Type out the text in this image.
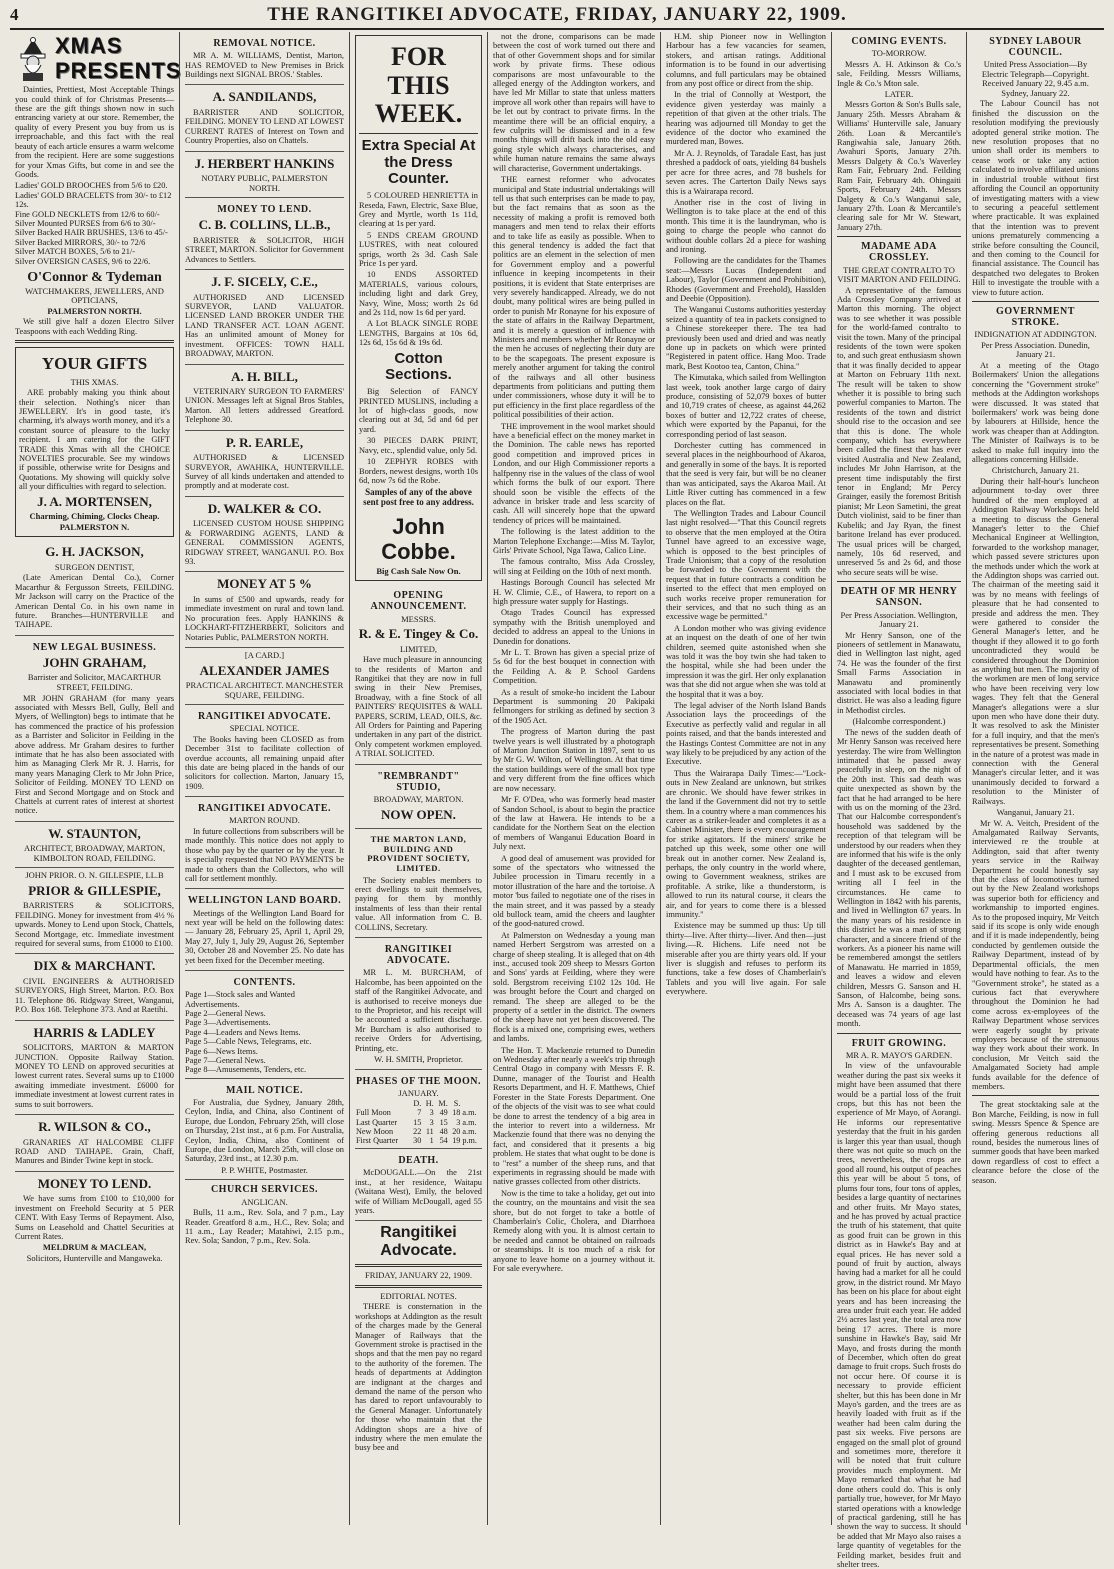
4	THE RANGITIKEI ADVOCATE, FRIDAY, JANUARY 22, 1909.
XMAS PRESENTS

Dainties, Prettiest, Most Acceptable Things you could think of for Christmas Presents—these are the gift things shown now in such entrancing variety at our store. Remember, the quality of every Present you buy from us is irreproachable, and this fact with the real beauty of each article ensures a warm welcome from the recipient. Here are some suggestions for your Xmas Gifts, but come in and see the Goods.

Ladies' GOLD BROOCHES from 5/6 to £20.
Ladies' GOLD BRACELETS from 30/- to £12 12s.
Fine GOLD NECKLETS from 12/6 to 60/-
Silver Mounted PURSES from 6/6 to 30/-
Silver Backed HAIR BRUSHES, 13/6 to 45/-
Silver Backed MIRRORS, 30/- to 72/6
Silver MATCH BOXES, 5/6 to 21/-
Silver OVERSIGN CASES, 9/6 to 22/6.
O'Connor & Tydeman
WATCHMAKERS, JEWELLERS, AND OPTICIANS,
PALMERSTON NORTH.

We still give half a dozen Electro Silver Teaspoons with each Wedding Ring.

YOUR GIFTS
THIS XMAS.

ARE probably making you think about their selection. Nothing's nicer than JEWELLERY. It's in good taste, it's charming, it's always worth money, and it's a constant source of pleasure to the lucky recipient. I am catering for the GIFT TRADE this Xmas with all the CHOICE NOVELTIES procurable. See my windows if possible, otherwise write for Designs and Quotations. My showing will quickly solve all your difficulties with regard to selection.

J. A. MORTENSEN,
Charming, Chiming, Clocks Cheap.
PALMERSTON N.
G. H. JACKSON,
SURGEON DENTIST,

(Late American Dental Co.), Corner Macarthur & Fergusson Streets, FEILDING. Mr Jackson will carry on the Practice of the American Dental Co. in his own name in future. Branches—HUNTERVILLE and TAIHAPE.

NEW LEGAL BUSINESS.
JOHN GRAHAM,
Barrister and Solicitor, MACARTHUR STREET, FEILDING.

MR JOHN GRAHAM (for many years associated with Messrs Bell, Gully, Bell and Myers, of Wellington) begs to intimate that he has commenced the practice of his profession as a Barrister and Solicitor in Feilding in the above address. Mr Graham desires to further intimate that he has also been associated with him as Managing Clerk Mr R. J. Harris, for many years Managing Clerk to Mr John Price, Solicitor of Feilding. MONEY TO LEND on First and Second Mortgage and on Stock and Chattels at current rates of interest at shortest notice.

W. STAUNTON,
ARCHITECT, BROADWAY, MARTON, KIMBOLTON ROAD, FEILDING.
JOHN PRIOR. O. N. GILLESPIE, LL.B
PRIOR & GILLESPIE,

BARRISTERS & SOLICITORS, FEILDING. Money for investment from 4½ % upwards. Money to Lend upon Stock, Chattels, Second Mortgage, etc. Immediate investment required for several sums, from £1000 to £100.

DIX & MARCHANT.

CIVIL ENGINEERS & AUTHORISED SURVEYORS, High Street, Marton. P.O. Box 11. Telephone 86. Ridgway Street, Wanganui, P.O. Box 168. Telephone 373. And at Raetihi.

HARRIS & LADLEY

SOLICITORS, MARTON & MARTON JUNCTION. Opposite Railway Station. MONEY TO LEND on approved securities at lowest current rates. Several sums up to £1000 awaiting immediate investment. £6000 for immediate investment at lowest current rates in sums to suit borrowers.

R. WILSON & CO.,

GRANARIES AT HALCOMBE CLIFF ROAD AND TAIHAPE. Grain, Chaff, Manures and Binder Twine kept in stock.

MONEY TO LEND.

We have sums from £100 to £10,000 for investment on Freehold Security at 5 PER CENT. With Easy Terms of Repayment. Also, Sums on Leasehold and Chattel Securities at Current Rates.

MELDRUM & MACLEAN,
Solicitors, Hunterville and Mangaweka.
REMOVAL NOTICE.

MR A. M. WILLIAMS, Dentist, Marton, HAS REMOVED to New Premises in Brick Buildings next SIGNAL BROS.' Stables.

A. SANDILANDS,

BARRISTER AND SOLICITOR, FEILDING. MONEY TO LEND AT LOWEST CURRENT RATES of Interest on Town and Country Properties, also on Chattels.

J. HERBERT HANKINS
NOTARY PUBLIC, PALMERSTON NORTH.
MONEY TO LEND.
C. B. COLLINS, LL.B.,

BARRISTER & SOLICITOR, HIGH STREET, MARTON. Solicitor for Government Advances to Settlers.

J. F. SICELY, C.E.,

AUTHORISED AND LICENSED SURVEYOR, LAND VALUATOR. LICENSED LAND BROKER UNDER THE LAND TRANSFER ACT. LOAN AGENT. Has an unlimited amount of Money for investment. OFFICES: TOWN HALL BROADWAY, MARTON.

A. H. BILL,

VETERINARY SURGEON TO FARMERS' UNION. Messages left at Signal Bros Stables, Marton. All letters addressed Greatford. Telephone 30.

P. R. EARLE,

AUTHORISED & LICENSED SURVEYOR, AWAHIKA, HUNTERVILLE. Survey of all kinds undertaken and attended to promptly and at moderate cost.

D. WALKER & CO.

LICENSED CUSTOM HOUSE SHIPPING & FORWARDING AGENTS, LAND & GENERAL COMMISSION AGENTS, RIDGWAY STREET, WANGANUI. P.O. Box 93.

MONEY AT 5 %

In sums of £500 and upwards, ready for immediate investment on rural and town land. No procuration fees. Apply HANKINS & LOCKHART-FITZHERBERT, Solicitors and Notaries Public, PALMERSTON NORTH.

[A CARD.]
ALEXANDER JAMES
PRACTICAL ARCHITECT. MANCHESTER SQUARE, FEILDING.
RANGITIKEI ADVOCATE.
SPECIAL NOTICE.

The Books having been CLOSED as from December 31st to facilitate collection of overdue accounts, all remaining unpaid after this date are being placed in the hands of our solicitors for collection. Marton, January 15, 1909.

RANGITIKEI ADVOCATE.
MARTON ROUND.

In future collections from subscribers will be made monthly. This notice does not apply to those who pay by the quarter or by the year. It is specially requested that NO PAYMENTS be made to others than the Collectors, who will call for settlement monthly.

WELLINGTON LAND BOARD.

Meetings of the Wellington Land Board for next year will be held on the following dates:— January 28, February 25, April 1, April 29, May 27, July 1, July 29, August 26, September 30, October 28 and November 25. No date has yet been fixed for the December meeting.

CONTENTS.
Page 1—Stock sales and Wanted Advertisements.
Page 2—General News.
Page 3—Advertisements.
Page 4—Leaders and News Items.
Page 5—Cable News, Telegrams, etc.
Page 6—News Items.
Page 7—General News.
Page 8—Amusements, Tenders, etc.
MAIL NOTICE.

For Australia, due Sydney, January 28th, Ceylon, India, and China, also Continent of Europe, due London, February 25th, will close on Thursday, 21st inst., at 6 p.m. For Australia, Ceylon, India, China, also Continent of Europe, due London, March 25th, will close on Saturday, 23rd inst., at 12.30 p.m.

P. P. WHITE, Postmaster.
CHURCH SERVICES.
ANGLICAN.

Bulls, 11 a.m., Rev. Sola, and 7 p.m., Lay Reader. Greatford 8 a.m., H.C., Rev. Sola; and 11 a.m., Lay Reader; Matahiwi, 2.15 p.m., Rev. Sola; Sandon, 7 p.m., Rev. Sola.

FOR THIS WEEK.
Extra Special At the Dress Counter.

5 COLOURED HENRIETTA in Reseda, Fawn, Electric, Saxe Blue, Grey and Myrtle, worth 1s 11d, clearing at 1s per yard.

5 ENDS CREAM GROUND LUSTRES, with neat coloured sprigs, worth 2s 3d. Cash Sale Price 1s per yard.

10 ENDS ASSORTED MATERIALS, various colours, including light and dark Grey, Navy, Wine, Moss; worth 2s 6d and 2s 11d, now 1s 6d per yard.

A Lot BLACK SINGLE ROBE LENGTHS, Bargains at 10s 6d, 12s 6d, 15s 6d & 19s 6d.

Cotton Sections.

Big Selection of FANCY PRINTED MUSLINS, including a lot of high-class goods, now clearing out at 3d, 5d and 6d per yard.

30 PIECES DARK PRINT, Navy, etc., splendid value, only 5d.

10 ZEPHYR ROBES with Borders, newest designs, worth 10s 6d, now 7s 6d the Robe.

Samples of any of the above sent post free to any address.
John Cobbe.
Big Cash Sale Now On.
OPENING ANNOUNCEMENT.
MESSRS.
R. & E. Tingey & Co.
LIMITED,

Have much pleasure in announcing to the residents of Marton and Rangitikei that they are now in full swing in their New Premises, Broadway, with a fine Stock of all PAINTERS' REQUISITES & WALL PAPERS, SCRIM, LEAD, OILS, &c. All Orders for Painting and Papering undertaken in any part of the district. Only competent workmen employed. A TRIAL SOLICITED.

"REMBRANDT" STUDIO,
BROADWAY, MARTON.
NOW OPEN.
THE MARTON LAND, BUILDING AND PROVIDENT SOCIETY, LIMITED.

The Society enables members to erect dwellings to suit themselves, paying for them by monthly instalments of less than their rental value. All information from C. B. COLLINS, Secretary.

RANGITIKEI ADVOCATE.

MR L. M. BURCHAM, of Halcombe, has been appointed on the staff of the Rangitikei Advocate, and is authorised to receive moneys due to the Proprietor, and his receipt will be accounted a sufficient discharge. Mr Burcham is also authorised to receive Orders for Advertising, Printing, etc.

W. H. SMITH, Proprietor.
PHASES OF THE MOON.
JANUARY.
	D.	H.	M.	S.	
Full Moon	7	3	49	18	a.m.
Last Quarter	15	3	15	3	a.m.
New Moon	22	11	48	20	a.m.
First Quarter	30	1	54	19	p.m.
DEATH.

McDOUGALL.—On the 21st inst., at her residence, Waitapu (Waitana West), Emily, the beloved wife of William McDougall, aged 55 years.

Rangitikei Advocate.
FRIDAY, JANUARY 22, 1909.
EDITORIAL NOTES.

THERE is consternation in the workshops at Addington as the result of the charges made by the General Manager of Railways that the Government stroke is practised in the shops and that the men pay no regard to the authority of the foremen. The heads of departments at Addington are indignant at the charges and demand the name of the person who has dared to report unfavourably to the General Manager. Unfortunately for those who maintain that the Addington shops are a hive of industry where the men emulate the busy bee and

not the drone, comparisons can be made between the cost of work turned out there and that of other Government shops and for similar work by private firms. These odious comparisons are most unfavourable to the alleged energy of the Addington workers, and have led Mr Millar to state that unless matters improve all work other than repairs will have to be let out by contract to private firms. In the meantime there will be an official enquiry, a few culprits will be dismissed and in a few months things will drift back into the old easy going style which always characterises, and while human nature remains the same always will characterise, Government undertakings.

THE earnest reformer who advocates municipal and State industrial undertakings will tell us that such enterprises can be made to pay, but the fact remains that as soon as the necessity of making a profit is removed both managers and men tend to relax their efforts and to take life as easily as possible. When to this general tendency is added the fact that politics are an element in the selection of men for Government employ and a powerful influence in keeping incompetents in their positions, it is evident that State enterprises are very severely handicapped. Already, we do not doubt, many political wires are being pulled in order to punish Mr Ronayne for his exposure of the state of affairs in the Railway Department, and it is merely a question of influence with Ministers and members whether Mr Ronayne or the men he accuses of neglecting their duty are to be the scapegoats. The present exposure is merely another argument for taking the control of the railways and all other business departments from politicians and putting them under commissioners, whose duty it will be to put efficiency in the first place regardless of the political possibilities of their action.

THE improvement in the wool market should have a beneficial effect on the money market in the Dominion. The cable news has reported good competition and improved prices in London, and our High Commissioner reports a halfpenny rise in the values of the class of wool which forms the bulk of our export. There should soon be visible the effects of the advance in brisker trade and less scarcity of cash. All will sincerely hope that the upward tendency of prices will be maintained.

The following is the latest addition to the Marton Telephone Exchange:—Miss M. Taylor, Girls' Private School, Nga Tawa, Calico Line.

The famous contralto, Miss Ada Crossley, will sing at Feilding on the 10th of next month.

Hastings Borough Council has selected Mr H. W. Climie, C.E., of Hawera, to report on a high pressure water supply for Hastings.

Otago Trades Council has expressed sympathy with the British unemployed and decided to address an appeal to the Unions in Dunedin for donations.

Mr L. T. Brown has given a special prize of 5s 6d for the best bouquet in connection with the Feilding A. & P. School Gardens Competition.

As a result of smoke-ho incident the Labour Department is summoning 20 Pakipaki fellmongers for striking as defined by section 3 of the 1905 Act.

The progress of Marton during the past twelve years is well illustrated by a photograph of Marton Junction Station in 1897, sent to us by Mr G. W. Wilton, of Wellington. At that time the station buildings were of the small box type and very different from the fine offices which are now necessary.

Mr F. O'Dea, who was formerly head master of Sandon School, is about to begin the practice of the law at Hawera. He intends to be a candidate for the Northern Seat on the election of members of Wanganui Education Board in July next.

A good deal of amusement was provided for some of the spectators who witnessed the Jubilee procession in Timaru recently in a motor illustration of the hare and the tortoise. A motor 'bus failed to negotiate one of the rises in the main street, and it was passed by a steady old bullock team, amid the cheers and laughter of the good-natured crowd.

At Palmerston on Wednesday a young man named Herbert Sergstrom was arrested on a charge of sheep stealing. It is alleged that on 4th inst., accused took 209 sheep to Messrs Gorton and Sons' yards at Feilding, where they were sold. Bergstrom receiving £102 12s 10d. He was brought before the Court and charged on remand. The sheep are alleged to be the property of a settler in the district. The owners of the sheep have not yet been discovered. The flock is a mixed one, comprising ewes, wethers and lambs.

The Hon. T. Mackenzie returned to Dunedin on Wednesday after nearly a week's trip through Central Otago in company with Messrs F. R. Dunne, manager of the Tourist and Health Resorts Department, and H. F. Matthews, Chief Forester in the State Forests Department. One of the objects of the visit was to see what could be done to arrest the tendency of a big area in the interior to revert into a wilderness. Mr Mackenzie found that there was no denying the fact, and considered that it presents a big problem. He states that what ought to be done is to "rest" a number of the sheep runs, and that experiments in regrassing should be made with native grasses collected from other districts.

Now is the time to take a holiday, get out into the country, on the mountains and visit the sea shore, but do not forget to take a bottle of Chamberlain's Colic, Cholera, and Diarrhoea Remedy along with you. It is almost certain to be needed and cannot be obtained on railroads or steamships. It is too much of a risk for anyone to leave home on a journey without it. For sale everywhere.

H.M. ship Pioneer now in Wellington Harbour has a few vacancies for seamen, stokers, and artisan ratings. Additional information is to be found in our advertising columns, and full particulars may be obtained from any post office or direct from the ship.

In the trial of Connolly at Westport, the evidence given yesterday was mainly a repetition of that given at the other trials. The hearing was adjourned till Monday to get the evidence of the doctor who examined the murdered man, Bowes.

Mr A. J. Reynolds, of Taradale East, has just threshed a paddock of oats, yielding 84 bushels per acre for three acres, and 78 bushels for seven acres. The Carterton Daily News says this is a Wairarapa record.

Another rise in the cost of living in Wellington is to take place at the end of this month. This time it is the laundryman, who is going to charge the people who cannot do without double collars 2d a piece for washing and ironing.

Following are the candidates for the Thames seat:—Messrs Lucas (Independent and Labour), Taylor (Government and Prohibition), Rhodes (Government and Freehold), Hasslden and Deebie (Opposition).

The Wanganui Customs authorities yesterday seized a quantity of tea in packets consigned to a Chinese storekeeper there. The tea had previously been used and dried and was neatly done up in packets on which were printed "Registered in patent office. Hang Moo. Trade mark, Best Kootoo tea, Canton, China."

The Kimutaka, which sailed from Wellington last week, took another large cargo of dairy produce, consisting of 52,079 boxes of butter and 10,719 crates of cheese, as against 44,262 boxes of butter and 12,722 crates of cheese, which were exported by the Papanui, for the corresponding period of last season.

Dorchester cutting has commenced in several places in the neighbourhood of Akaroa, and generally in some of the bays. It is reported that the seed is very fair, but will be no cleaner than was anticipated, says the Akaroa Mail. At Little River cutting has commenced in a few places on the flat.

The Wellington Trades and Labour Council last night resolved—"That this Council regrets to observe that the men employed at the Otira Tunnel have agreed to an excessive wage, which is opposed to the best principles of Trade Unionism; that a copy of the resolution be forwarded to the Government with the request that in future contracts a condition be inserted to the effect that men employed on such works receive proper remuneration for their services, and that no such thing as an excessive wage be permitted."

A London mother who was giving evidence at an inquest on the death of one of her twin children, seemed quite astonished when she was told it was the boy twin she had taken to the hospital, while she had been under the impression it was the girl. Her only explanation was that she did not argue when she was told at the hospital that it was a boy.

The legal adviser of the North Island Bands Association lays the proceedings of the Executive as perfectly valid and regular in all points raised, and that the bands interested and the Hastings Contest Committee are not in any way likely to be prejudiced by any action of the Executive.

Thus the Wairarapa Daily Times:—"Lock-outs in New Zealand are unknown, but strikes are chronic. We should have fewer strikes in the land if the Government did not try to settle them. In a country where a man commences his career as a striker-leader and completes it as a Cabinet Minister, there is every encouragement for strike agitators. If the miners' strike be patched up this week, some other one will break out in another corner. New Zealand is, perhaps, the only country in the world where, owing to Government weakness, strikes are profitable. A strike, like a thunderstorm, is allowed to run its natural course, it clears the air, and for years to come there is a blessed immunity."

Existence may be summed up thus: Up till thirty—live. After thirty—liver. And then—just living.—R. Hichens. Life need not be miserable after you are thirty years old. If your liver is sluggish and refuses to perform its functions, take a few doses of Chamberlain's Tablets and you will live again. For sale everywhere.

COMING EVENTS.
TO-MORROW.

Messrs A. H. Atkinson & Co.'s sale, Feilding. Messrs Williams, Ingle & Co.'s Mton sale.

LATER.

Messrs Gorton & Son's Bulls sale, January 25th. Messrs Abraham & Williams' Hunterville sale, January 26th. Loan & Mercantile's Rangiwahia sale, January 26th. Awahuri Sports, January 27th. Messrs Dalgety & Co.'s Waverley Ram Fair, February 2nd. Feilding Ram Fair, February 4th. Ohingaiti Sports, February 24th. Messrs Dalgety & Co.'s Wanganui sale, January 27th. Loan & Mercantile's clearing sale for Mr W. Stewart, January 27th.

MADAME ADA CROSSLEY.
THE GREAT CONTRALTO TO VISIT MARTON AND FEILDING.

A representative of the famous Ada Crossley Company arrived at Marton this morning. The object was to see whether it was possible for the world-famed contralto to visit the town. Many of the principal residents of the town were spoken to, and such great enthusiasm shown that it was finally decided to appear at Marton on February 11th next. The result will be taken to show whether it is possible to bring such powerful companies to Marton. The residents of the town and district should rise to the occasion and see that this is done. The whole company, which has everywhere been called the finest that has ever visited Australia and New Zealand, includes Mr John Harrison, at the present time indisputably the first tenor in England; Mr Percy Grainger, easily the foremost British pianist; Mr Leon Sametini, the great Dutch violinist, said to be finer than Kubelik; and Jay Ryan, the finest baritone Ireland has ever produced. The usual prices will be charged, namely, 10s 6d reserved, and unreserved 5s and 2s 6d, and those who secure seats will be wise.

DEATH OF MR HENRY SANSON.
Per Press Association. Wellington, January 21.

Mr Henry Sanson, one of the pioneers of settlement in Manawatu, died in Wellington last night, aged 74. He was the founder of the first Small Farms Association in Manawatu and prominently associated with local bodies in that district. He was also a leading figure in Methodist circles.

(Halcombe correspondent.)

The news of the sudden death of Mr Henry Sanson was received here yesterday. The wire from Wellington intimated that he passed away peacefully in sleep, on the night of the 20th inst. This sad death was quite unexpected as shown by the fact that he had arranged to be here with us on the morning of the 23rd. That our Halcombe correspondent's household was saddened by the reception of that telegram will be understood by our readers when they are informed that his wife is the only daughter of the deceased gentleman, and I must ask to be excused from writing all I feel in the circumstances. He came to Wellington in 1842 with his parents, and lived in Wellington 67 years. In the many years of his residence in this district he was a man of strong character, and a sincere friend of the workers. As a pioneer his name will be remembered amongst the settlers of Manawatu. He married in 1859, and leaves a widow and eleven children, Messrs G. Sanson and H. Sanson, of Halcombe, being sons. Mrs A. Sanson is a daughter. The deceased was 74 years of age last month.

FRUIT GROWING.
MR A. R. MAYO'S GARDEN.

In view of the unfavourable weather during the past six weeks it might have been assumed that there would be a partial loss of the fruit crops, but this has not been the experience of Mr Mayo, of Aorangi. He informs our representative yesterday that the fruit in his garden is larger this year than usual, though there was not quite so much on the trees, nevertheless, the crops are good all round, his output of peaches this year will be about 5 tons, of plums four tons, four tons of apples, besides a large quantity of nectarines and other fruits. Mr Mayo states, and he has proved by actual practice the truth of his statement, that quite as good fruit can be grown in this district as in Hawke's Bay and at equal prices. He has never sold a pound of fruit by auction, always having had a market for all he could grow, in the district round. Mr Mayo has been on his place for about eight years and has been increasing the area under fruit each year. He added 2½ acres last year, the total area now being 17 acres. There is more sunshine in Hawke's Bay, said Mr Mayo, and frosts during the month of December, which often do great damage to fruit crops. Such frosts do not occur here. Of course it is necessary to provide efficient shelter, but this has been done in Mr Mayo's garden, and the trees are as heavily loaded with fruit as if the weather had been calm during the past six weeks. Five persons are engaged on the small plot of ground and sometimes more, therefore it will be noted that fruit culture provides much employment. Mr Mayo remarked that what he had done others could do. This is only partially true, however, for Mr Mayo started operations with a knowledge of practical gardening, still he has shown the way to success. It should be added that Mr Mayo also raises a large quantity of vegetables for the Feilding market, besides fruit and shelter trees.

SYDNEY LABOUR COUNCIL.
United Press Association—By Electric Telegraph—Copyright. Received January 22, 9.45 a.m. Sydney, January 22.

The Labour Council has not finished the discussion on the resolution modifying the previously adopted general strike motion. The new resolution proposes that no union shall order its members to cease work or take any action calculated to involve affiliated unions in industrial trouble without first affording the Council an opportunity of investigating matters with a view to securing a peaceful settlement where practicable. It was explained that the intention was to prevent unions prematurely commencing a strike before consulting the Council, and then coming to the Council for financial assistance. The Council has despatched two delegates to Broken Hill to investigate the trouble with a view to future action.

GOVERNMENT STROKE.
INDIGNATION AT ADDINGTON.
Per Press Association. Dunedin, January 21.

At a meeting of the Otago Boilermakers' Union the allegations concerning the "Government stroke" methods at the Addington workshops were discussed. It was stated that boilermakers' work was being done by labourers at Hillside, hence the work was cheaper than at Addington. The Minister of Railways is to be asked to make full inquiry into the allegations concerning Hillside.

Christchurch, January 21.

During their half-hour's luncheon adjournment to-day over three hundred of the men employed at Addington Railway Workshops held a meeting to discuss the General Manager's letter to the Chief Mechanical Engineer at Wellington, forwarded to the workshop manager, which passed severe strictures upon the methods under which the work at the Addington shops was carried out. The chairman of the meeting said it was by no means with feelings of pleasure that he had consented to preside and address the men. They were gathered to consider the General Manager's letter, and he thought if they allowed it to go forth uncontradicted they would be considered throughout the Dominion as anything but men. The majority of the workmen are men of long service who have been receiving very low wages. They felt that the General Manager's allegations were a slur upon men who have done their duty. It was resolved to ask the Minister for a full inquiry, and that the men's representatives be present. Something in the nature of a protest was made in connection with the General Manager's circular letter, and it was unanimously decided to forward a resolution to the Minister of Railways.

Wanganui, January 21.

Mr W. A. Veitch, President of the Amalgamated Railway Servants, interviewed re the trouble at Addington, said that after twenty years service in the Railway Department he could honestly say that the class of locomotives turned out by the New Zealand workshops was superior both for efficiency and workmanship to imported engines. As to the proposed inquiry, Mr Veitch said if its scope is only wide enough and if it is made independently, being conducted by gentlemen outside the Railway Department, instead of by Departmental officials, the men would have nothing to fear. As to the "Government stroke", he stated as a curious fact that everywhere throughout the Dominion he had come across ex-employees of the Railway Department whose services were eagerly sought by private employers because of the strenuous way they work about their work. In conclusion, Mr Veitch said the Amalgamated Society had ample funds available for the defence of members.

The great stocktaking sale at the Bon Marche, Feilding, is now in full swing. Messrs Spence & Spence are offering generous reductions all round, besides the numerous lines of summer goods that have been marked down regardless of cost to effect a clearance before the close of the season.
